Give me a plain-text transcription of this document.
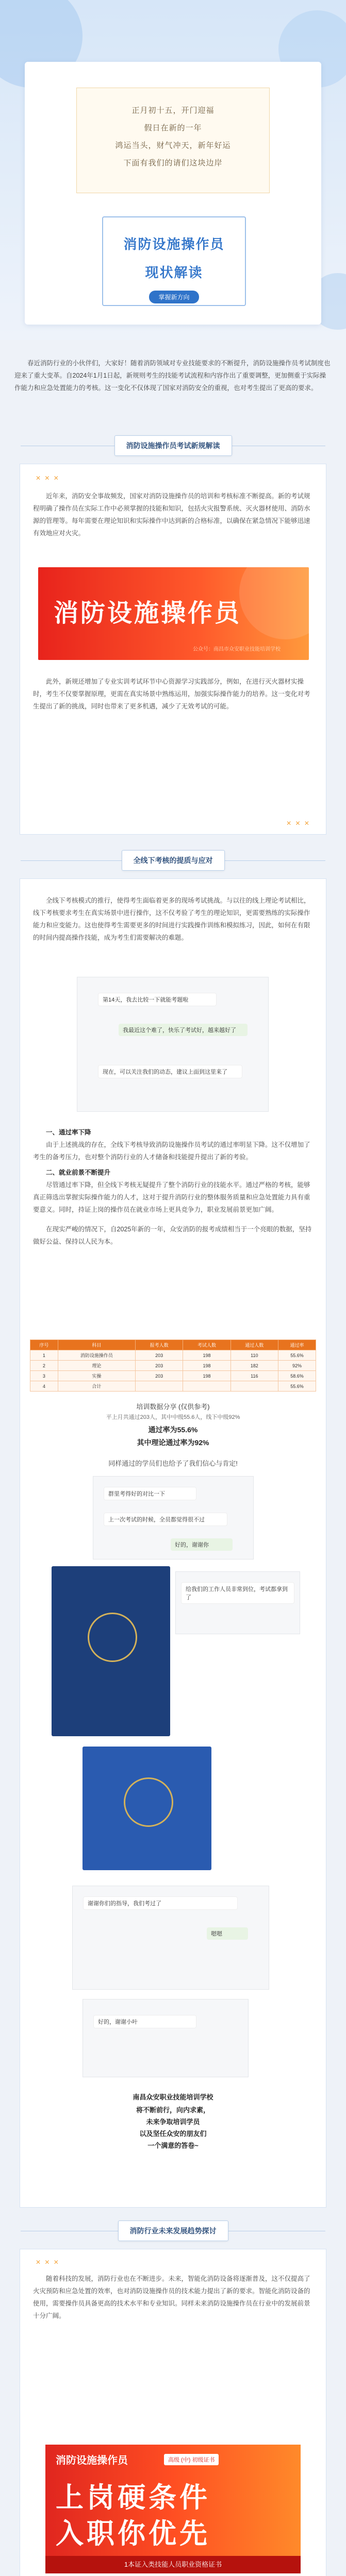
正月初十五，开门迎福
假日在新的一年
鸿运当头，财气冲天，新年好运
下面有我们的请们这块边岸
消防设施操作员
现状解读
掌握新方向

春近消防行业的小伙伴们，大家好！随着消防领域对专业技能要求的不断提升，消防设施操作员考试制度也迎来了重大变革。自2024年1月1日起，新规则考生的技能考试流程和内容作出了重要调整，更加侧重于实际操作能力和应急处置能力的考核。这一变化不仅体现了国家对消防安全的重视，也对考生提出了更高的要求。

消防设施操作员考试新规解读
✕ ✕ ✕

近年来，消防安全事故频发，国家对消防设施操作员的培训和考核标准不断提高。新的考试规程明确了操作员在实际工作中必须掌握的技能和知识，包括火灾报警系统、灭火器材使用、消防水源的管理等。每年需要在理论知识和实际操作中达到新的合格标准，以确保在紧急情况下能够迅速有效地应对火灾。

消防设施操作员
公众号：南昌市众安职业技能培训学校

此外，新规还增加了专业实训考试环节中心资源学习实践部分，例如，在进行灭火器材实操时，考生不仅要掌握原理，更需在真实场景中熟练运用，加强实际操作能力的培养。这一变化对考生提出了新的挑战，同时也带来了更多机遇，减少了无效考试的可能。

✕ ✕ ✕
全线下考核的提质与应对

全线下考核模式的推行，使得考生面临着更多的现场考试挑战。与以往的线上理论考试相比，线下考核要求考生在真实场景中进行操作，这不仅考验了考生的理论知识，更需要熟练的实际操作能力和应变能力。这也使得考生需要更多的时间进行实践操作训练和模拟练习，因此，如何在有限的时间内提高操作技能，成为考生们需要解决的难题。

第14天，我去比较一下就能考题啦
我最近这个难了，快乐了考试好，越来越好了
现在，可以关注我们的动态，建议上面到这里来了

一、通过率下降

由于上述挑战的存在，全线下考核导致消防设施操作员考试的通过率明显下降。这不仅增加了考生的备考压力，也对整个消防行业的人才储备和技能提升提出了新的考验。

二、就业前景不断提升

尽管通过率下降，但全线下考核无疑提升了整个消防行业的技能水平。通过严格的考核，能够真正筛选出掌握实际操作能力的人才，这对于提升消防行业的整体服务质量和应急处置能力具有重要意义。同时，持证上岗的操作员在就业市场上更具竞争力，职业发展前景更加广阔。

在现实严峻的情况下，自2025年新的一年，众安消防的报考成绩相当于一个亮眼的数据，坚持做好公益、保持以人民为本。

序号	科目	报考人数	考试人数	通过人数	通过率
1	消防设施操作员	203	198	110	55.6%
2	理论	203	198	182	92%
3	实操	203	198	116	58.6%
4	合计				55.6%
培训数据分享 (仅供参考)
平上月共通过203人，其中中级55.6人，线下中级92%
通过率为55.6%
其中理论通过率为92%
同样通过的学员们也给予了我们信心与肯定!
群里考得好的对比一下
上一次考试的时候，全员都觉得很不过
好的，谢谢你
给我们的工作人员非常到位，考试都拿到了
谢谢你们的指导，我们考过了
嗯嗯
好的，谢谢小叶
南昌众安职业技能培训学校
将不断前行，向内求素，
未来争取培训学员
以及坚任众安的朋友们
一个满意的答卷~
消防行业未来发展趋势探讨
✕ ✕ ✕

随着科技的发展，消防行业也在不断进步。未来，智能化消防设备将逐渐普及，这不仅提高了火灾预防和应急处置的效率，也对消防设施操作员的技术能力提出了新的要求。智能化消防设备的使用，需要操作员具备更高的技术水平和专业知识。同样未来消防设施操作员在行业中的发展前景十分广阔。

消防设施操作员	高级 (中) 初级证书
上岗硬条件
入职你优先
1本证入类技能人员职业资格证书
